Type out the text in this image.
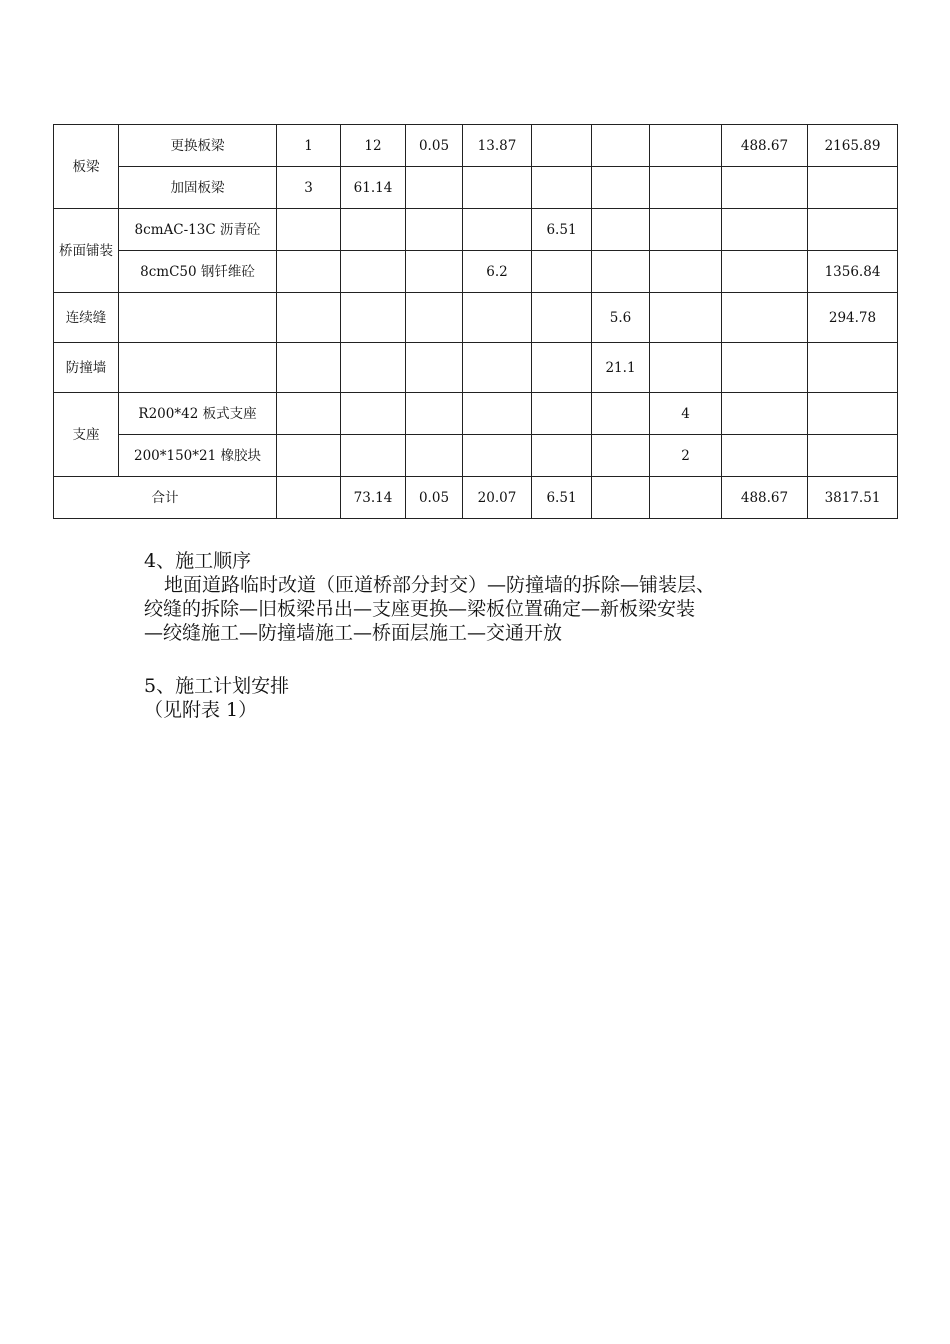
板梁	更换板梁	1	12	0.05	13.87				488.67	2165.89
	加固板梁	3	61.14							
桥面铺装	8cmAC-13C 沥青砼					6.51				
	8cmC50 钢钎维砼				6.2					1356.84
连续缝							5.6			294.78
防撞墙							21.1			
支座	R200*42 板式支座							4		
	200*150*21 橡胶块							2		
合计			73.14	0.05	20.07	6.51			488.67	3817.51

4、施工顺序

地面道路临时改道（匝道桥部分封交）—防撞墙的拆除—铺装层、

绞缝的拆除—旧板梁吊出—支座更换—梁板位置确定—新板梁安装

—绞缝施工—防撞墙施工—桥面层施工—交通开放

5、施工计划安排

（见附表 1）
